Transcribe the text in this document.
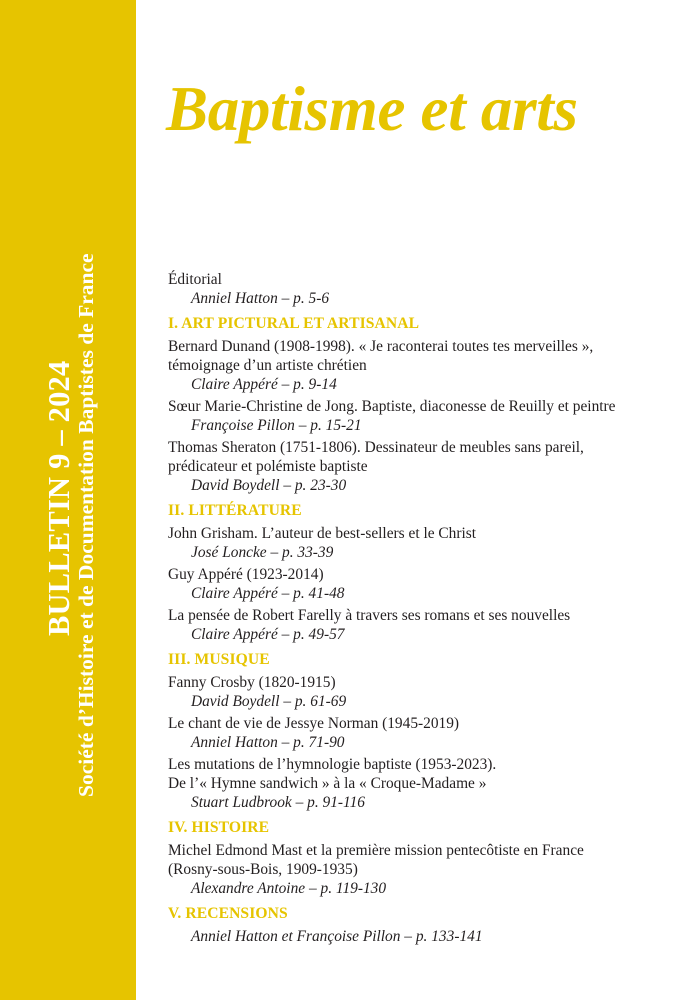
BULLETIN 9 – 2024
Société d’Histoire et de Documentation Baptistes de France
Baptisme et arts
Éditorial
Anniel Hatton – p. 5-6
I. ART PICTURAL ET ARTISANAL
Bernard Dunand (1908-1998). « Je raconterai toutes tes merveilles »,
témoignage d’un artiste chrétien
Claire Appéré – p. 9-14
Sœur Marie-Christine de Jong. Baptiste, diaconesse de Reuilly et peintre
Françoise Pillon – p. 15-21
Thomas Sheraton (1751-1806). Dessinateur de meubles sans pareil,
prédicateur et polémiste baptiste
David Boydell – p. 23-30
II. LITTÉRATURE
John Grisham. L’auteur de best-sellers et le Christ
José Loncke – p. 33-39
Guy Appéré (1923-2014)
Claire Appéré – p. 41-48
La pensée de Robert Farelly à travers ses romans et ses nouvelles
Claire Appéré – p. 49-57
III. MUSIQUE
Fanny Crosby (1820-1915)
David Boydell – p. 61-69
Le chant de vie de Jessye Norman (1945-2019)
Anniel Hatton – p. 71-90
Les mutations de l’hymnologie baptiste (1953-2023).
De l’« Hymne sandwich » à la « Croque-Madame »
Stuart Ludbrook – p. 91-116
IV. HISTOIRE
Michel Edmond Mast et la première mission pentecôtiste en France
(Rosny-sous-Bois, 1909-1935)
Alexandre Antoine – p. 119-130
V. RECENSIONS
Anniel Hatton et Françoise Pillon – p. 133-141
